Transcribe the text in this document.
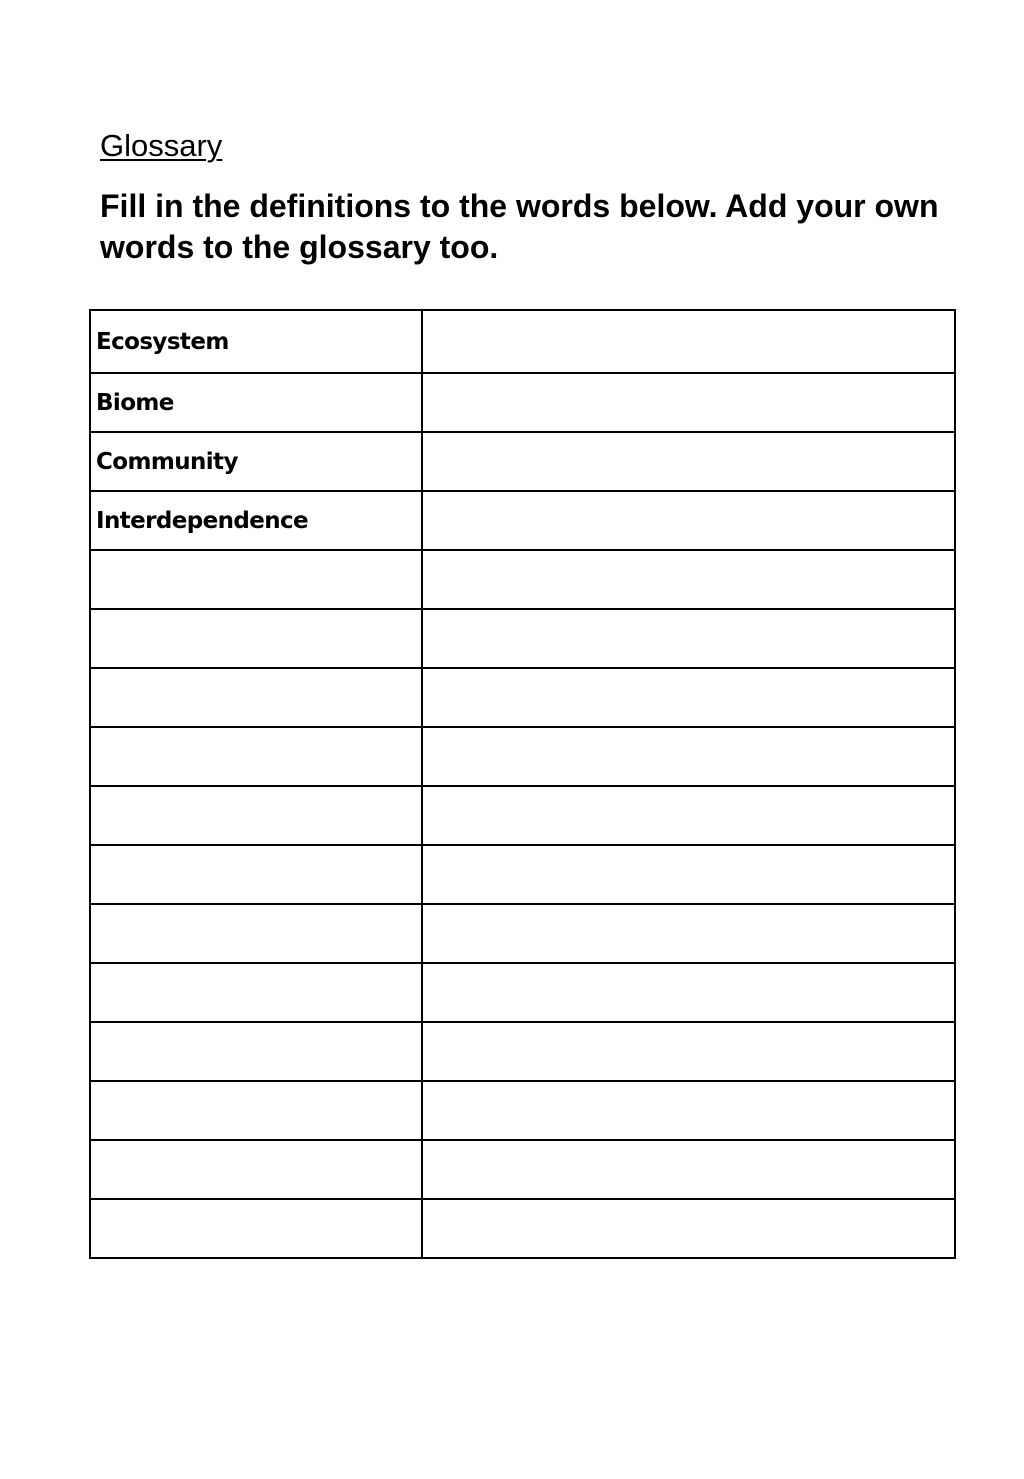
Glossary

Fill in the definitions to the words below. Add your own words to the glossary too.

Ecosystem	
Biome	
Community	
Interdependence	
